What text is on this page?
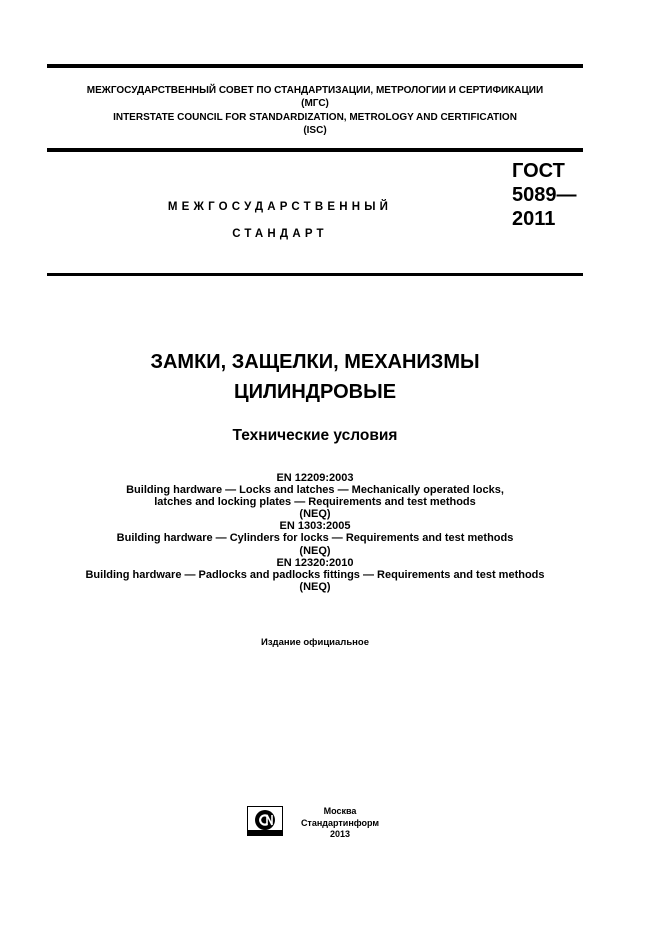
МЕЖГОСУДАРСТВЕННЫЙ СОВЕТ ПО СТАНДАРТИЗАЦИИ, МЕТРОЛОГИИ И СЕРТИФИКАЦИИ
(МГС)
INTERSTATE COUNCIL FOR STANDARDIZATION, METROLOGY AND CERTIFICATION
(ISC)
МЕЖГОСУДАРСТВЕННЫЙ
СТАНДАРТ
ГОСТ
5089—
2011
ЗАМКИ, ЗАЩЕЛКИ, МЕХАНИЗМЫ
ЦИЛИНДРОВЫЕ
Технические условия
EN 12209:2003
Building hardware — Locks and latches — Mechanically operated locks,
latches and locking plates — Requirements and test methods
(NEQ)
EN 1303:2005
Building hardware — Cylinders for locks — Requirements and test methods
(NEQ)
EN 12320:2010
Building hardware — Padlocks and padlocks fittings — Requirements and test methods
(NEQ)
Издание официальное
Москва
Стандартинформ
2013
